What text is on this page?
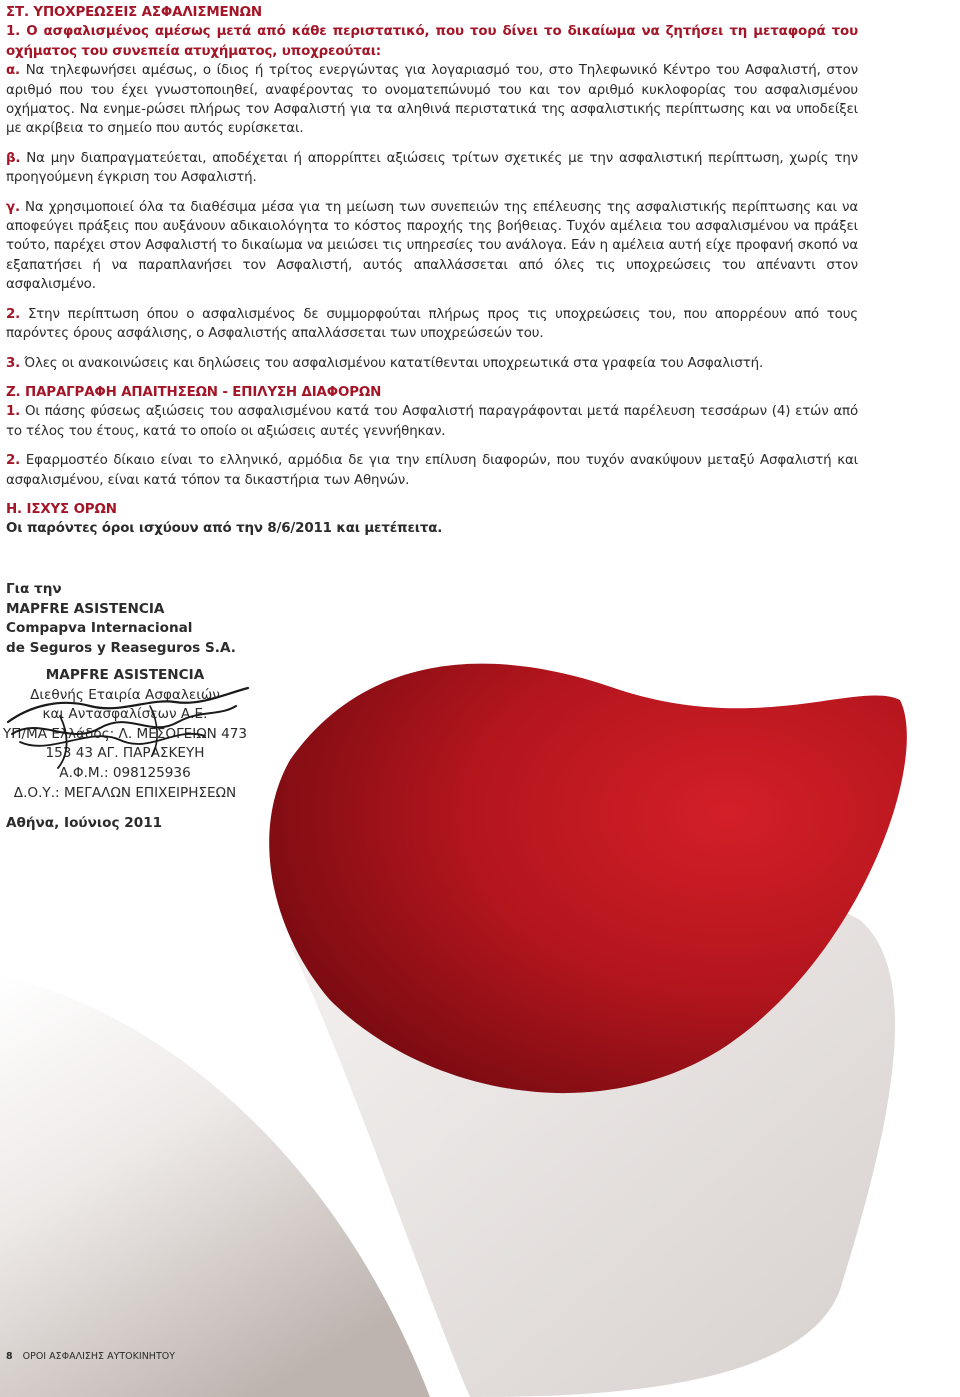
ΣΤ. ΥΠΟΧΡΕΩΣΕΙΣ ΑΣΦΑΛΙΣΜΕΝΩΝ

1. Ο ασφαλισμένος αμέσως μετά από κάθε περιστατικό, που του δίνει το δικαίωμα να ζητήσει τη μεταφορά του οχήματος του συνεπεία ατυχήματος, υποχρεούται:

α. Να τηλεφωνήσει αμέσως, ο ίδιος ή τρίτος ενεργώντας για λογαριασμό του, στο Τηλεφωνικό Κέντρο του Ασφαλιστή, στον αριθμό που του έχει γνωστοποιηθεί, αναφέροντας το ονοματεπώνυμό του και τον αριθμό κυκλοφορίας του ασφαλισμένου οχήματος. Να ενημε-ρώσει πλήρως τον Ασφαλιστή για τα αληθινά περιστατικά της ασφαλιστικής περίπτωσης και να υποδείξει με ακρίβεια το σημείο που αυτός ευρίσκεται.

β. Να μην διαπραγματεύεται, αποδέχεται ή απορρίπτει αξιώσεις τρίτων σχετικές με την ασφαλιστική περίπτωση, χωρίς την προηγούμενη έγκριση του Ασφαλιστή.

γ. Να χρησιμοποιεί όλα τα διαθέσιμα μέσα για τη μείωση των συνεπειών της επέλευσης της ασφαλιστικής περίπτωσης και να αποφεύγει πράξεις που αυξάνουν αδικαιολόγητα το κόστος παροχής της βοήθειας. Τυχόν αμέλεια του ασφαλισμένου να πράξει τούτο, παρέχει στον Ασφαλιστή το δικαίωμα να μειώσει τις υπηρεσίες του ανάλογα. Εάν η αμέλεια αυτή είχε προφανή σκοπό να εξαπατήσει ή να παραπλανήσει τον Ασφαλιστή, αυτός απαλλάσσεται από όλες τις υποχρεώσεις του απέναντι στον ασφαλισμένο.

2. Στην περίπτωση όπου ο ασφαλισμένος δε συμμορφούται πλήρως προς τις υποχρεώσεις του, που απορρέουν από τους παρόντες όρους ασφάλισης, ο Ασφαλιστής απαλλάσσεται των υποχρεώσεών του.

3. Όλες οι ανακοινώσεις και δηλώσεις του ασφαλισμένου κατατίθενται υποχρεωτικά στα γραφεία του Ασφαλιστή.

Ζ. ΠΑΡΑΓΡΑΦΗ ΑΠΑΙΤΗΣΕΩΝ - ΕΠΙΛΥΣΗ ΔΙΑΦΟΡΩΝ

1. Οι πάσης φύσεως αξιώσεις του ασφαλισμένου κατά του Ασφαλιστή παραγράφονται μετά παρέλευση τεσσάρων (4) ετών από το τέλος του έτους, κατά το οποίο οι αξιώσεις αυτές γεννήθηκαν.

2. Εφαρμοστέο δίκαιο είναι το ελληνικό, αρμόδια δε για την επίλυση διαφορών, που τυχόν ανακύψουν μεταξύ Ασφαλιστή και ασφαλισμένου, είναι κατά τόπον τα δικαστήρια των Αθηνών.

Η. ΙΣΧΥΣ ΟΡΩΝ

Οι παρόντες όροι ισχύουν από την 8/6/2011 και μετέπειτα.

Για την
MAPFRE ASISTENCIA
Compapva Internacional
de Seguros y Reaseguros S.A.
MAPFRE ASISTENCIA
Διεθνής Εταιρία Ασφαλειών
και Αντασφαλίσεων Α.Ε.
ΥΠ/ΜΑ Ελλάδος: Λ. ΜΕΣΟΓΕΙΩΝ 473
153 43 ΑΓ. ΠΑΡΑΣΚΕΥΗ
Α.Φ.Μ.: 098125936
Δ.Ο.Υ.: ΜΕΓΑΛΩΝ ΕΠΙΧΕΙΡΗΣΕΩΝ
Αθήνα, Ιούνιος 2011
8 ΟΡΟΙ ΑΣΦΑΛΙΣΗΣ ΑΥΤΟΚΙΝΗΤΟΥ
